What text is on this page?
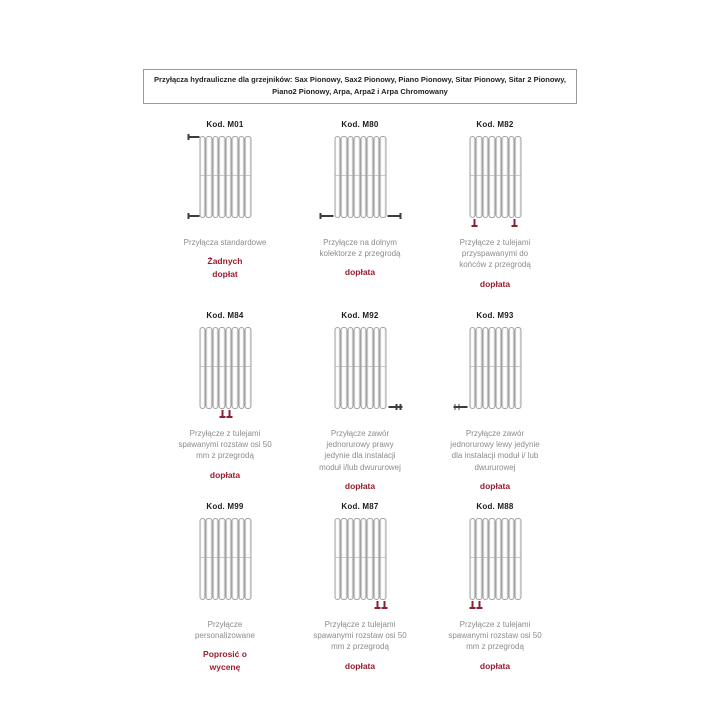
Przyłącza hydrauliczne dla grzejników: Sax Pionowy, Sax2 Pionowy, Piano Pionowy, Sitar Pionowy, Sitar 2 Pionowy, Piano2 Pionowy, Arpa, Arpa2 i Arpa Chromowany
Kod. M01
Przyłącza standardowe
Żadnych dopłat
Kod. M80
Przyłącze na dolnym kolektorze z przegrodą
dopłata
Kod. M82
Przyłącze z tulejami przyspawanymi do końców z przegrodą
dopłata
Kod. M84
Przyłącze z tulejami spawanymi rozstaw osi 50 mm z przegrodą
dopłata
Kod. M92
Przyłącze zawór jednorurowy prawy jedynie dla instalacji moduł i/lub dwururowej
dopłata
Kod. M93
Przyłącze zawór jednorurowy lewy jedynie dla instalacji moduł i/ lub dwururowej
dopłata
Kod. M99
Przyłącze personalizowane
Poprosić o wycenę
Kod. M87
Przyłącze z tulejami spawanymi rozstaw osi 50 mm z przegrodą
dopłata
Kod. M88
Przyłącze z tulejami spawanymi rozstaw osi 50 mm z przegrodą
dopłata
